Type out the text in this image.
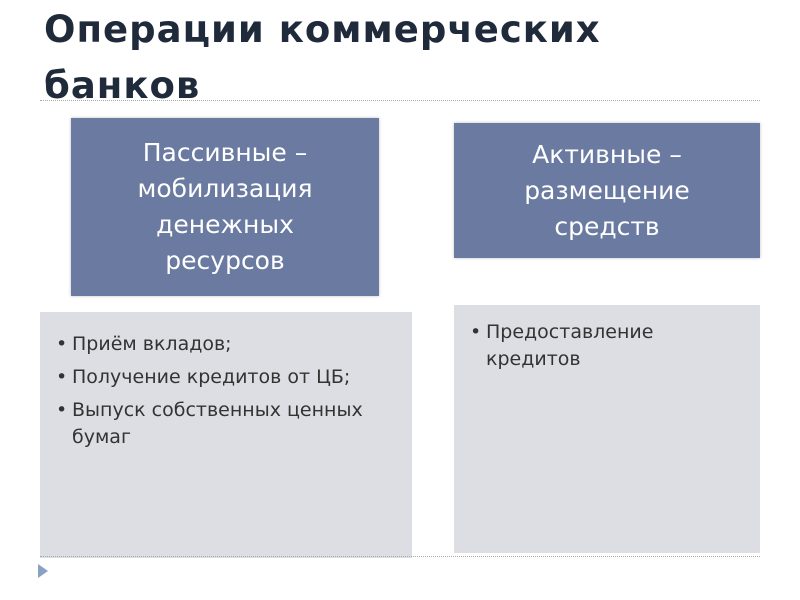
Операции коммерческих
банков
• Приём вкладов;
• Получение кредитов от ЦБ;
• Выпуск собственных ценных бумаг
Пассивные –
мобилизация
денежных
ресурсов
• Предоставление кредитов
Активные –
размещение
средств
